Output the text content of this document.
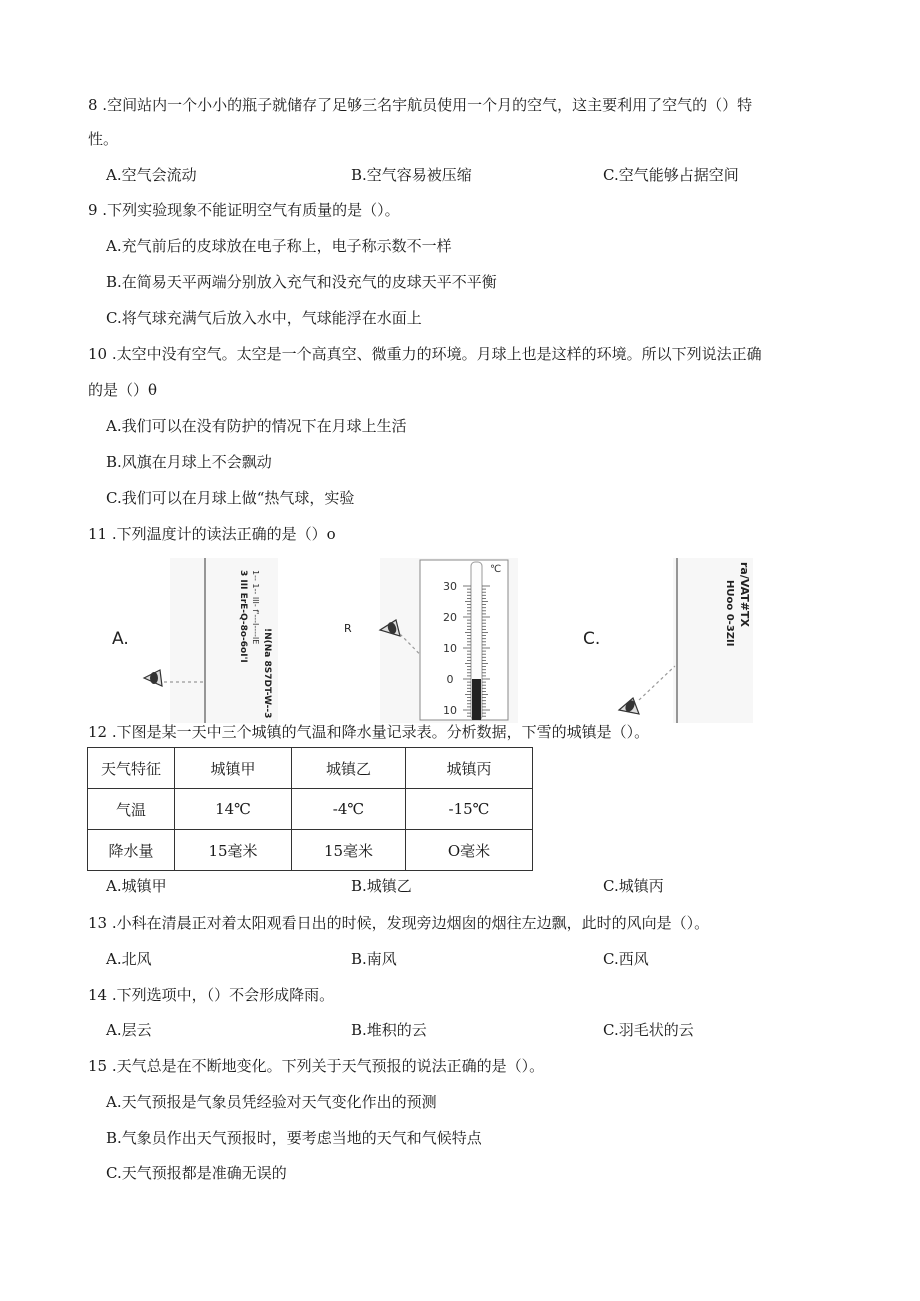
8 .空间站内一个小小的瓶子就储存了足够三名宇航员使用一个月的空气，这主要利用了空气的（）特
性。
A.空气会流动	B.空气容易被压缩	C.空气能够占据空间
9 .下列实验现象不能证明空气有质量的是（）。
A.充气前后的皮球放在电子称上，电子称示数不一样
B.在简易天平两端分别放入充气和没充气的皮球天平不平衡
C.将气球充满气后放入水中，气球能浮在水面上
10 .太空中没有空气。太空是一个高真空、微重力的环境。月球上也是这样的环境。所以下列说法正确
的是（）θ
A.我们可以在没有防护的情况下在月球上生活
B.风旗在月球上不会飘动
C.我们可以在月球上做“热气球，实验
11 .下列温度计的读法正确的是（）o
A.	3 III ErE-Q-8o-6oI'I 1-- 1-- III- f'---I----IE
!N(Na 8S7DT-W--3	R
℃
30
20
10
0
10
C.
ra/VAT#TX
HUoo 0-3ZII
12 .下图是某一天中三个城镇的气温和降水量记录表。分析数据，下雪的城镇是（）。
天气特征	城镇甲	城镇乙	城镇丙
气温	14℃	-4℃	-15℃
降水量	15毫米	15毫米	O毫米
A.城镇甲	B.城镇乙	C.城镇丙
13 .小科在清晨正对着太阳观看日出的时候，发现旁边烟囱的烟往左边飘，此时的风向是（）。
A.北风	B.南风	C.西风
14 .下列选项中，（）不会形成降雨。
A.层云	B.堆积的云	C.羽毛状的云
15 .天气总是在不断地变化。下列关于天气预报的说法正确的是（）。
A.天气预报是气象员凭经验对天气变化作出的预测
B.气象员作出天气预报时，要考虑当地的天气和气候特点
C.天气预报都是准确无误的
